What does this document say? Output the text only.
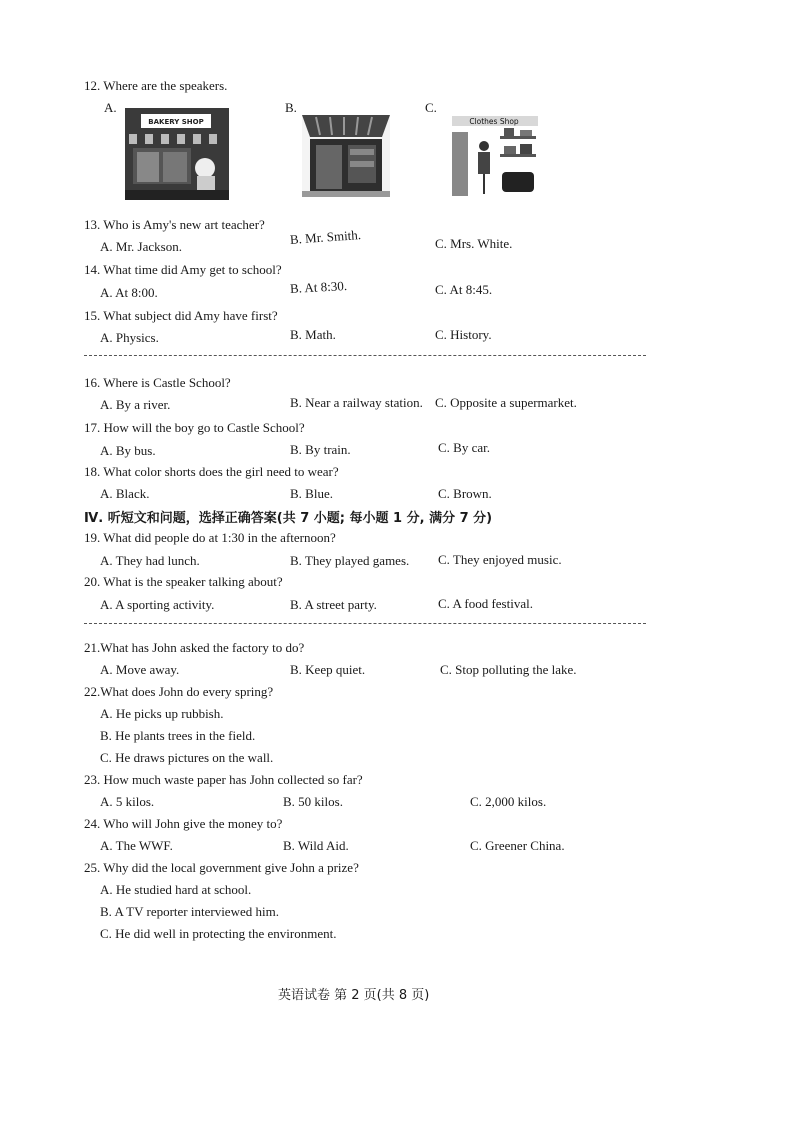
12. Where are the speakers.
A.	B.	C.
BAKERY SHOP	Clothes Shop
13. Who is Amy's new art teacher?
A. Mr. Jackson.	B. Mr. Smith.	C. Mrs. White.
14. What time did Amy get to school?
A. At 8:00.	B. At 8:30.	C. At 8:45.
15. What subject did Amy have first?
A. Physics.	B. Math.	C. History.
16. Where is Castle School?
A. By a river.	B. Near a railway station. C. Opposite a supermarket.
17. How will the boy go to Castle School?
A. By bus.	B. By train.	C. By car.
18. What color shorts does the girl need to wear?
A. Black.	B. Blue.	C. Brown.
Ⅳ. 听短文和问题，选择正确答案(共 7 小题; 每小题 1 分, 满分 7 分)
19. What did people do at 1:30 in the afternoon?
A. They had lunch.	B. They played games. C. They enjoyed music.
20. What is the speaker talking about?
A. A sporting activity.	B. A street party.	C. A food festival.
21.What has John asked the factory to do?
A. Move away.	B. Keep quiet.	C. Stop polluting the lake.
22.What does John do every spring?
A. He picks up rubbish.
B. He plants trees in the field.
C. He draws pictures on the wall.
23. How much waste paper has John collected so far?
A. 5 kilos.	B. 50 kilos.	C. 2,000 kilos.
24. Who will John give the money to?
A. The WWF.	B. Wild Aid.	C. Greener China.
25. Why did the local government give John a prize?
A. He studied hard at school.
B. A TV reporter interviewed him.
C. He did well in protecting the environment.
英语试卷 第 2 页(共 8 页)
